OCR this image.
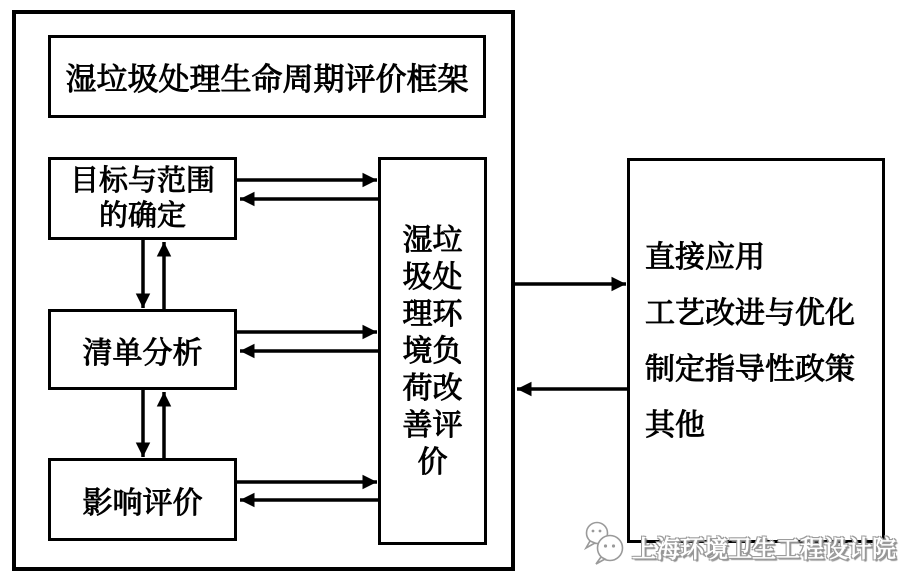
湿垃圾处理生命周期评价框架
目标与范围
的确定
清单分析
影响评价
湿垃圾处理环境负荷改善评价
直接应用
工艺改进与优化
制定指导性政策
其他
上海环境卫生工程设计院
